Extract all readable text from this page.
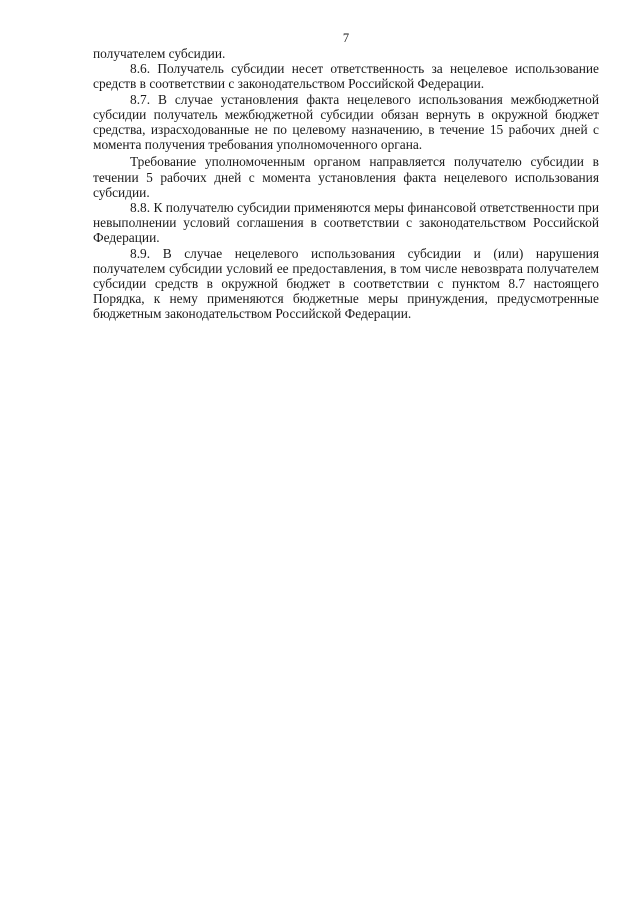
7

получателем субсидии.

8.6. Получатель субсидии несет ответственность за нецелевое использование средств в соответствии с законодательством Российской Федерации.

8.7. В случае установления факта нецелевого использования межбюджетной субсидии получатель межбюджетной субсидии обязан вернуть в окружной бюджет средства, израсходованные не по целевому назначению, в течение 15 рабочих дней с момента получения требования уполномоченного органа.

Требование уполномоченным органом направляется получателю субсидии в течении 5 рабочих дней с момента установления факта нецелевого использования субсидии.

8.8. К получателю субсидии применяются меры финансовой ответственности при невыполнении условий соглашения в соответствии с законодательством Российской Федерации.

8.9. В случае нецелевого использования субсидии и (или) нарушения получателем субсидии условий ее предоставления, в том числе невозврата получателем субсидии средств в окружной бюджет в соответствии с пунктом 8.7 настоящего Порядка, к нему применяются бюджетные меры принуждения, предусмотренные бюджетным законодательством Российской Федерации.
